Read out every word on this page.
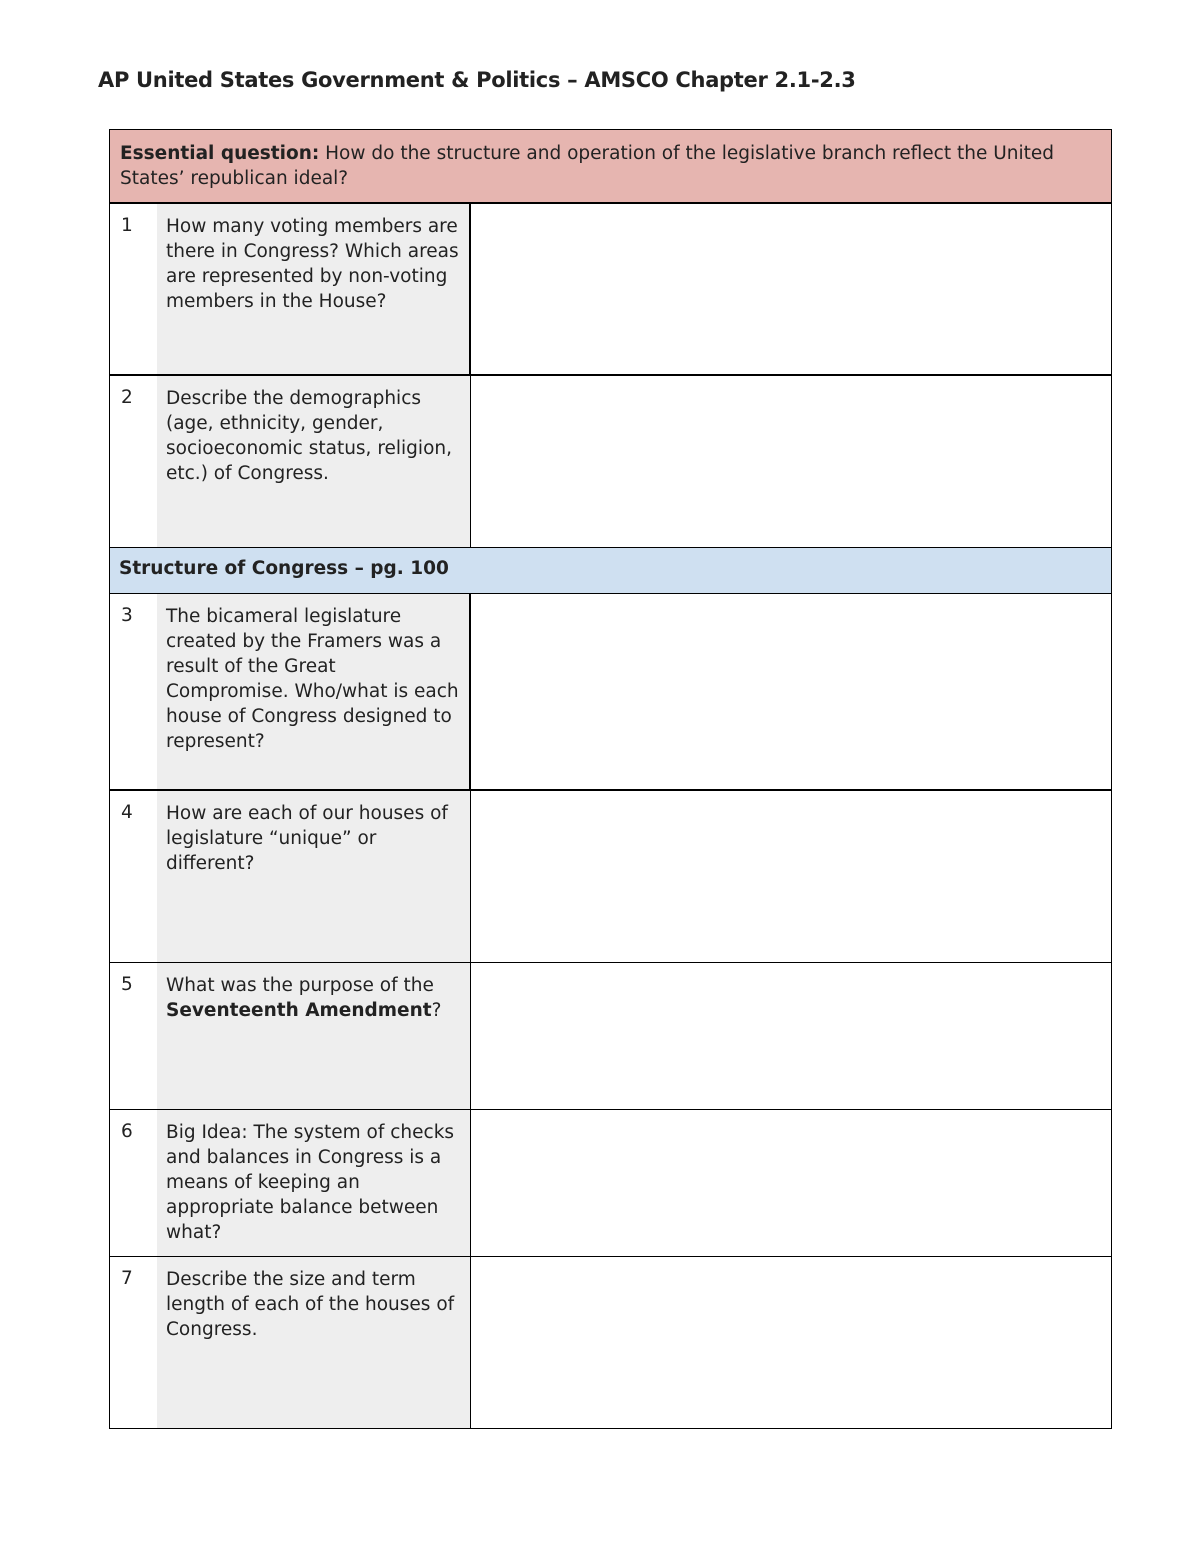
AP United States Government & Politics – AMSCO Chapter 2.1-2.3
Essential question: How do the structure and operation of the legislative branch reflect the United States’ republican ideal?
1	How many voting members are there in Congress? Which areas are represented by non-voting members in the House?
2	Describe the demographics (age, ethnicity, gender, socioeconomic status, religion, etc.) of Congress.
Structure of Congress – pg. 100
3	The bicameral legislature created by the Framers was a result of the Great Compromise. Who/what is each house of Congress designed to represent?
4	How are each of our houses of legislature “unique” or different?
5	What was the purpose of the Seventeenth Amendment?
6	Big Idea: The system of checks and balances in Congress is a means of keeping an appropriate balance between what?
7	Describe the size and term length of each of the houses of Congress.
